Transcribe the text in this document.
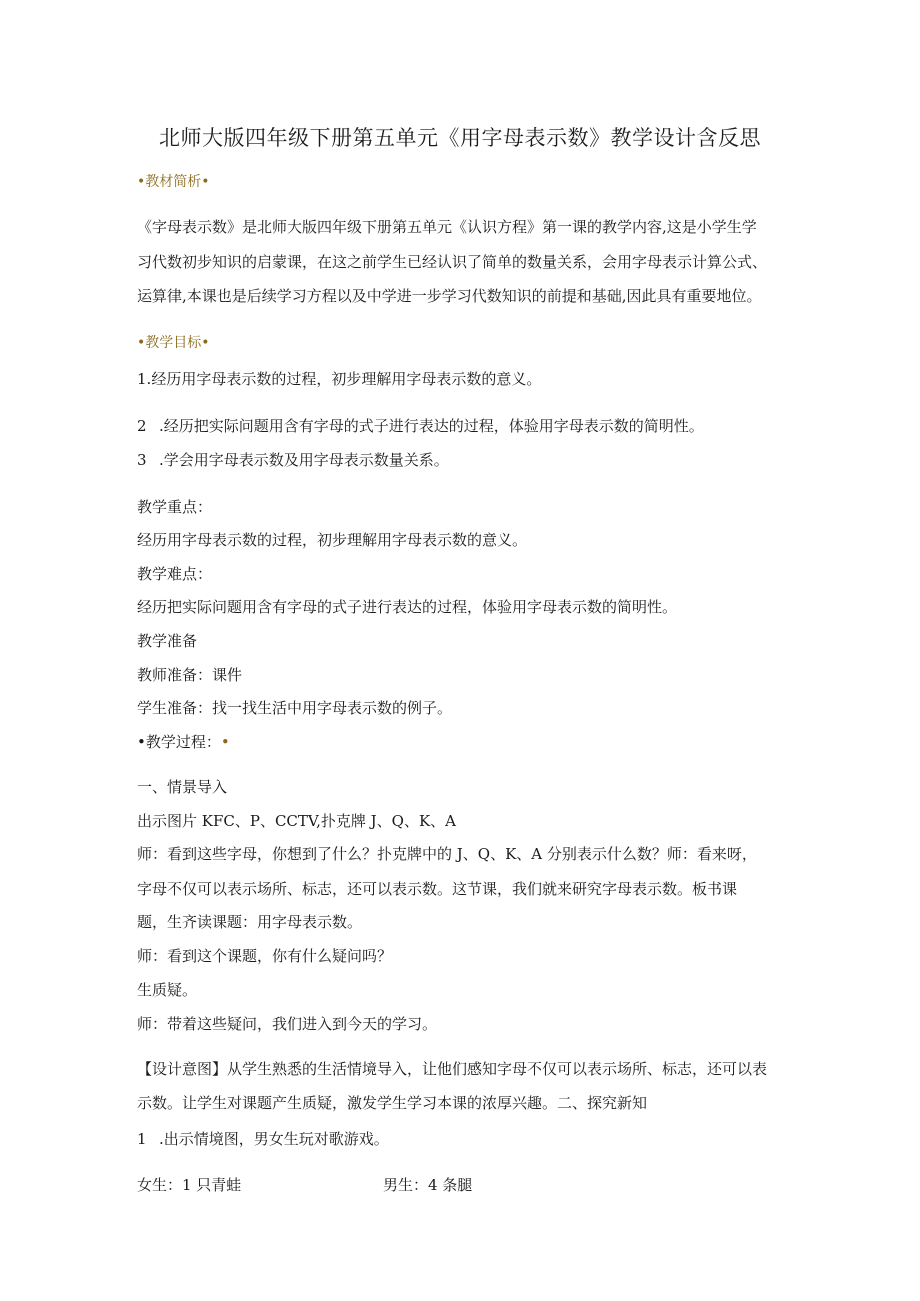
北师大版四年级下册第五单元《用字母表示数》教学设计含反思
•教材简析•
《字母表示数》是北师大版四年级下册第五单元《认识方程》第一课的教学内容,这是小学生学
习代数初步知识的启蒙课，在这之前学生已经认识了简单的数量关系，会用字母表示计算公式、
运算律,本课也是后续学习方程以及中学进一步学习代数知识的前提和基础,因此具有重要地位。
•教学目标•
1.经历用字母表示数的过程，初步理解用字母表示数的意义。
2 .经历把实际问题用含有字母的式子进行表达的过程，体验用字母表示数的简明性。
3 .学会用字母表示数及用字母表示数量关系。
教学重点：
经历用字母表示数的过程，初步理解用字母表示数的意义。
教学难点：
经历把实际问题用含有字母的式子进行表达的过程，体验用字母表示数的简明性。
教学准备
教师准备：课件
学生准备：找一找生活中用字母表示数的例子。
•教学过程：•
一、情景导入
出示图片 KFC、P、CCTV,扑克牌 J、Q、K、A
师：看到这些字母，你想到了什么？扑克牌中的 J、Q、K、A 分别表示什么数？师：看来呀，
字母不仅可以表示场所、标志，还可以表示数。这节课，我们就来研究字母表示数。板书课
题，生齐读课题：用字母表示数。
师：看到这个课题，你有什么疑问吗？
生质疑。
师：带着这些疑问，我们进入到今天的学习。
【设计意图】从学生熟悉的生活情境导入，让他们感知字母不仅可以表示场所、标志，还可以表
示数。让学生对课题产生质疑，激发学生学习本课的浓厚兴趣。二、探究新知
1 .出示情境图，男女生玩对歌游戏。
女生：1 只青蛙	男生：4 条腿
